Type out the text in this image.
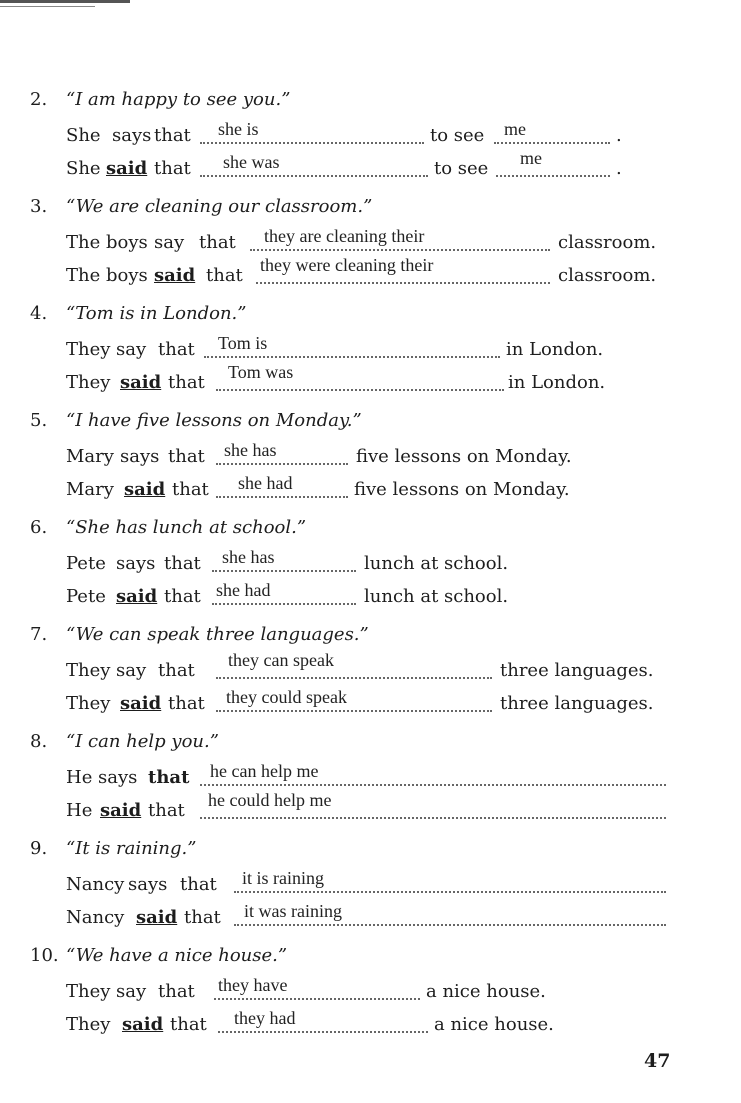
2. “I am happy to see you.”
She says that she is	to see me	.
She said that she was	to see me	.
3. “We are cleaning our classroom.”
The boys say that they are cleaning their	classroom.
The boys said that they were cleaning their	classroom.
4. “Tom is in London.”
They say that Tom is	in London.
They said that Tom was	in London.
5. “I have five lessons on Monday.”
Mary says that she has	five lessons on Monday.
Mary said that she had	five lessons on Monday.
6. “She has lunch at school.”
Pete says that she has	lunch at school.
Pete said that she had	lunch at school.
7. “We can speak three languages.”
They say that they can speak	three languages.
They said that they could speak	three languages.
8. “I can help you.”
He says that he can help me
He said that he could help me
9. “It is raining.”
Nancy says that it is raining
Nancy said that it was raining
10. “We have a nice house.”
They say that they have	a nice house.
They said that they had	a nice house.
47
